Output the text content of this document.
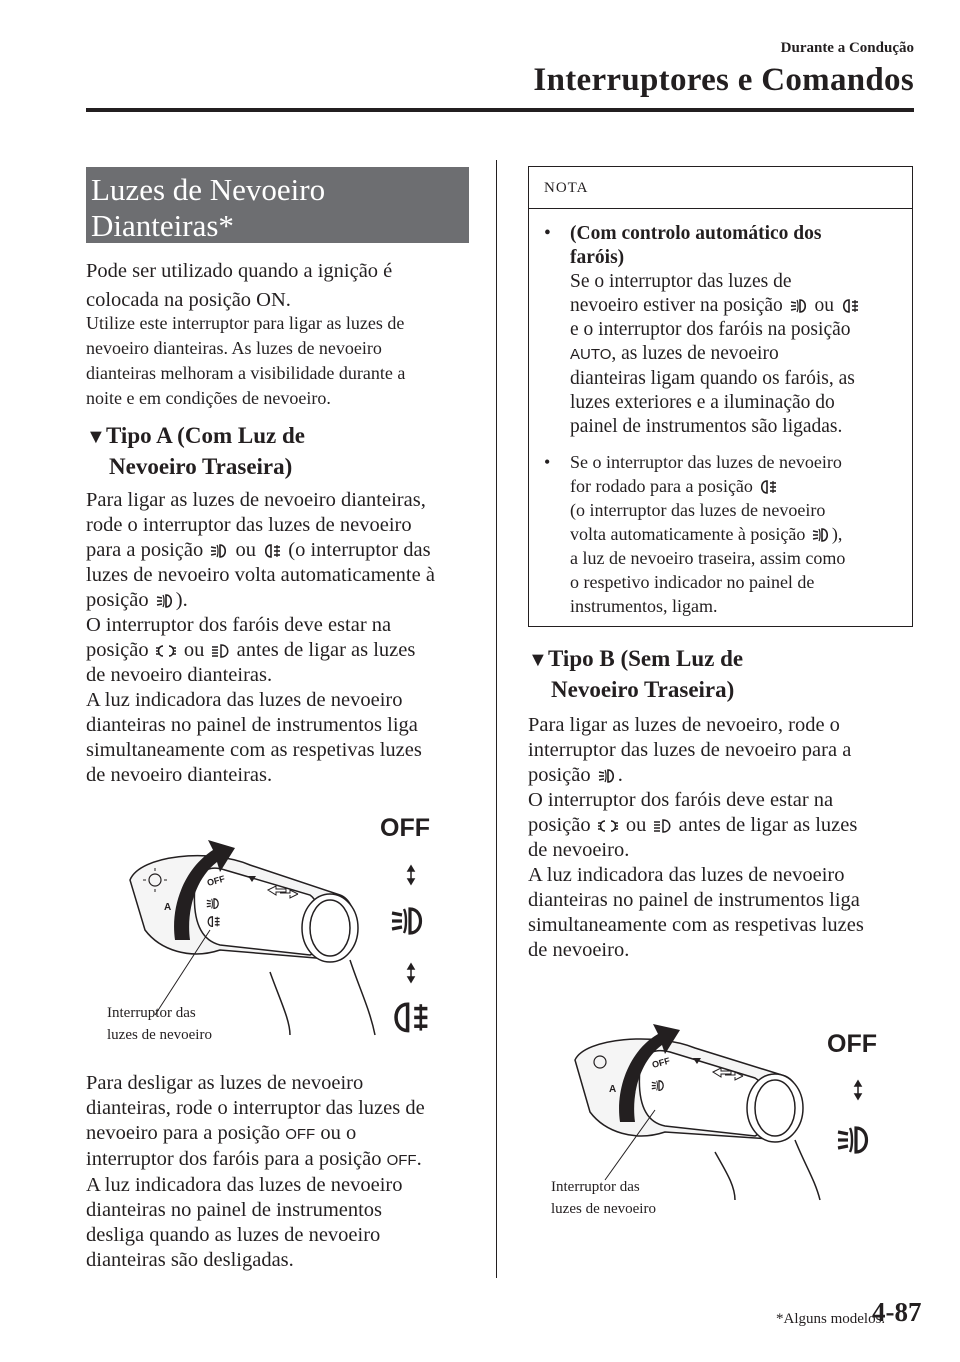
Durante a Condução
Interruptores e Comandos
Luzes de Nevoeiro
Dianteiras*
Pode ser utilizado quando a ignição é
colocada na posição ON.
Utilize este interruptor para ligar as luzes de
nevoeiro dianteiras. As luzes de nevoeiro
dianteiras melhoram a visibilidade durante a
noite e em condições de nevoeiro.
▼Tipo A (Com Luz de
Nevoeiro Traseira)
Para ligar as luzes de nevoeiro dianteiras,
rode o interruptor das luzes de nevoeiro
para a posição ou (o interruptor das
luzes de nevoeiro volta automaticamente à
posição ).
O interruptor dos faróis deve estar na
posição ou antes de ligar as luzes
de nevoeiro dianteiras.
A luz indicadora das luzes de nevoeiro
dianteiras no painel de instrumentos liga
simultaneamente com as respetivas luzes
de nevoeiro dianteiras.
A
OFF
OFF
Interruptor das
luzes de nevoeiro
Para desligar as luzes de nevoeiro
dianteiras, rode o interruptor das luzes de
nevoeiro para a posição OFF ou o
interruptor dos faróis para a posição OFF.
A luz indicadora das luzes de nevoeiro
dianteiras no painel de instrumentos
desliga quando as luzes de nevoeiro
dianteiras são desligadas.
NOTA
• (Com controlo automático dos
faróis)
Se o interruptor das luzes de
nevoeiro estiver na posição ou
e o interruptor dos faróis na posição
AUTO, as luzes de nevoeiro
dianteiras ligam quando os faróis, as
luzes exteriores e a iluminação do
painel de instrumentos são ligadas.
• Se o interruptor das luzes de nevoeiro
for rodado para a posição
(o interruptor das luzes de nevoeiro
volta automaticamente à posição ),
a luz de nevoeiro traseira, assim como
o respetivo indicador no painel de
instrumentos, ligam.
▼Tipo B (Sem Luz de
Nevoeiro Traseira)
Para ligar as luzes de nevoeiro, rode o
interruptor das luzes de nevoeiro para a
posição .
O interruptor dos faróis deve estar na
posição ou antes de ligar as luzes
de nevoeiro.
A luz indicadora das luzes de nevoeiro
dianteiras no painel de instrumentos liga
simultaneamente com as respetivas luzes
de nevoeiro.
A
OFF
OFF
Interruptor das
luzes de nevoeiro
*Alguns modelos.
4-87
